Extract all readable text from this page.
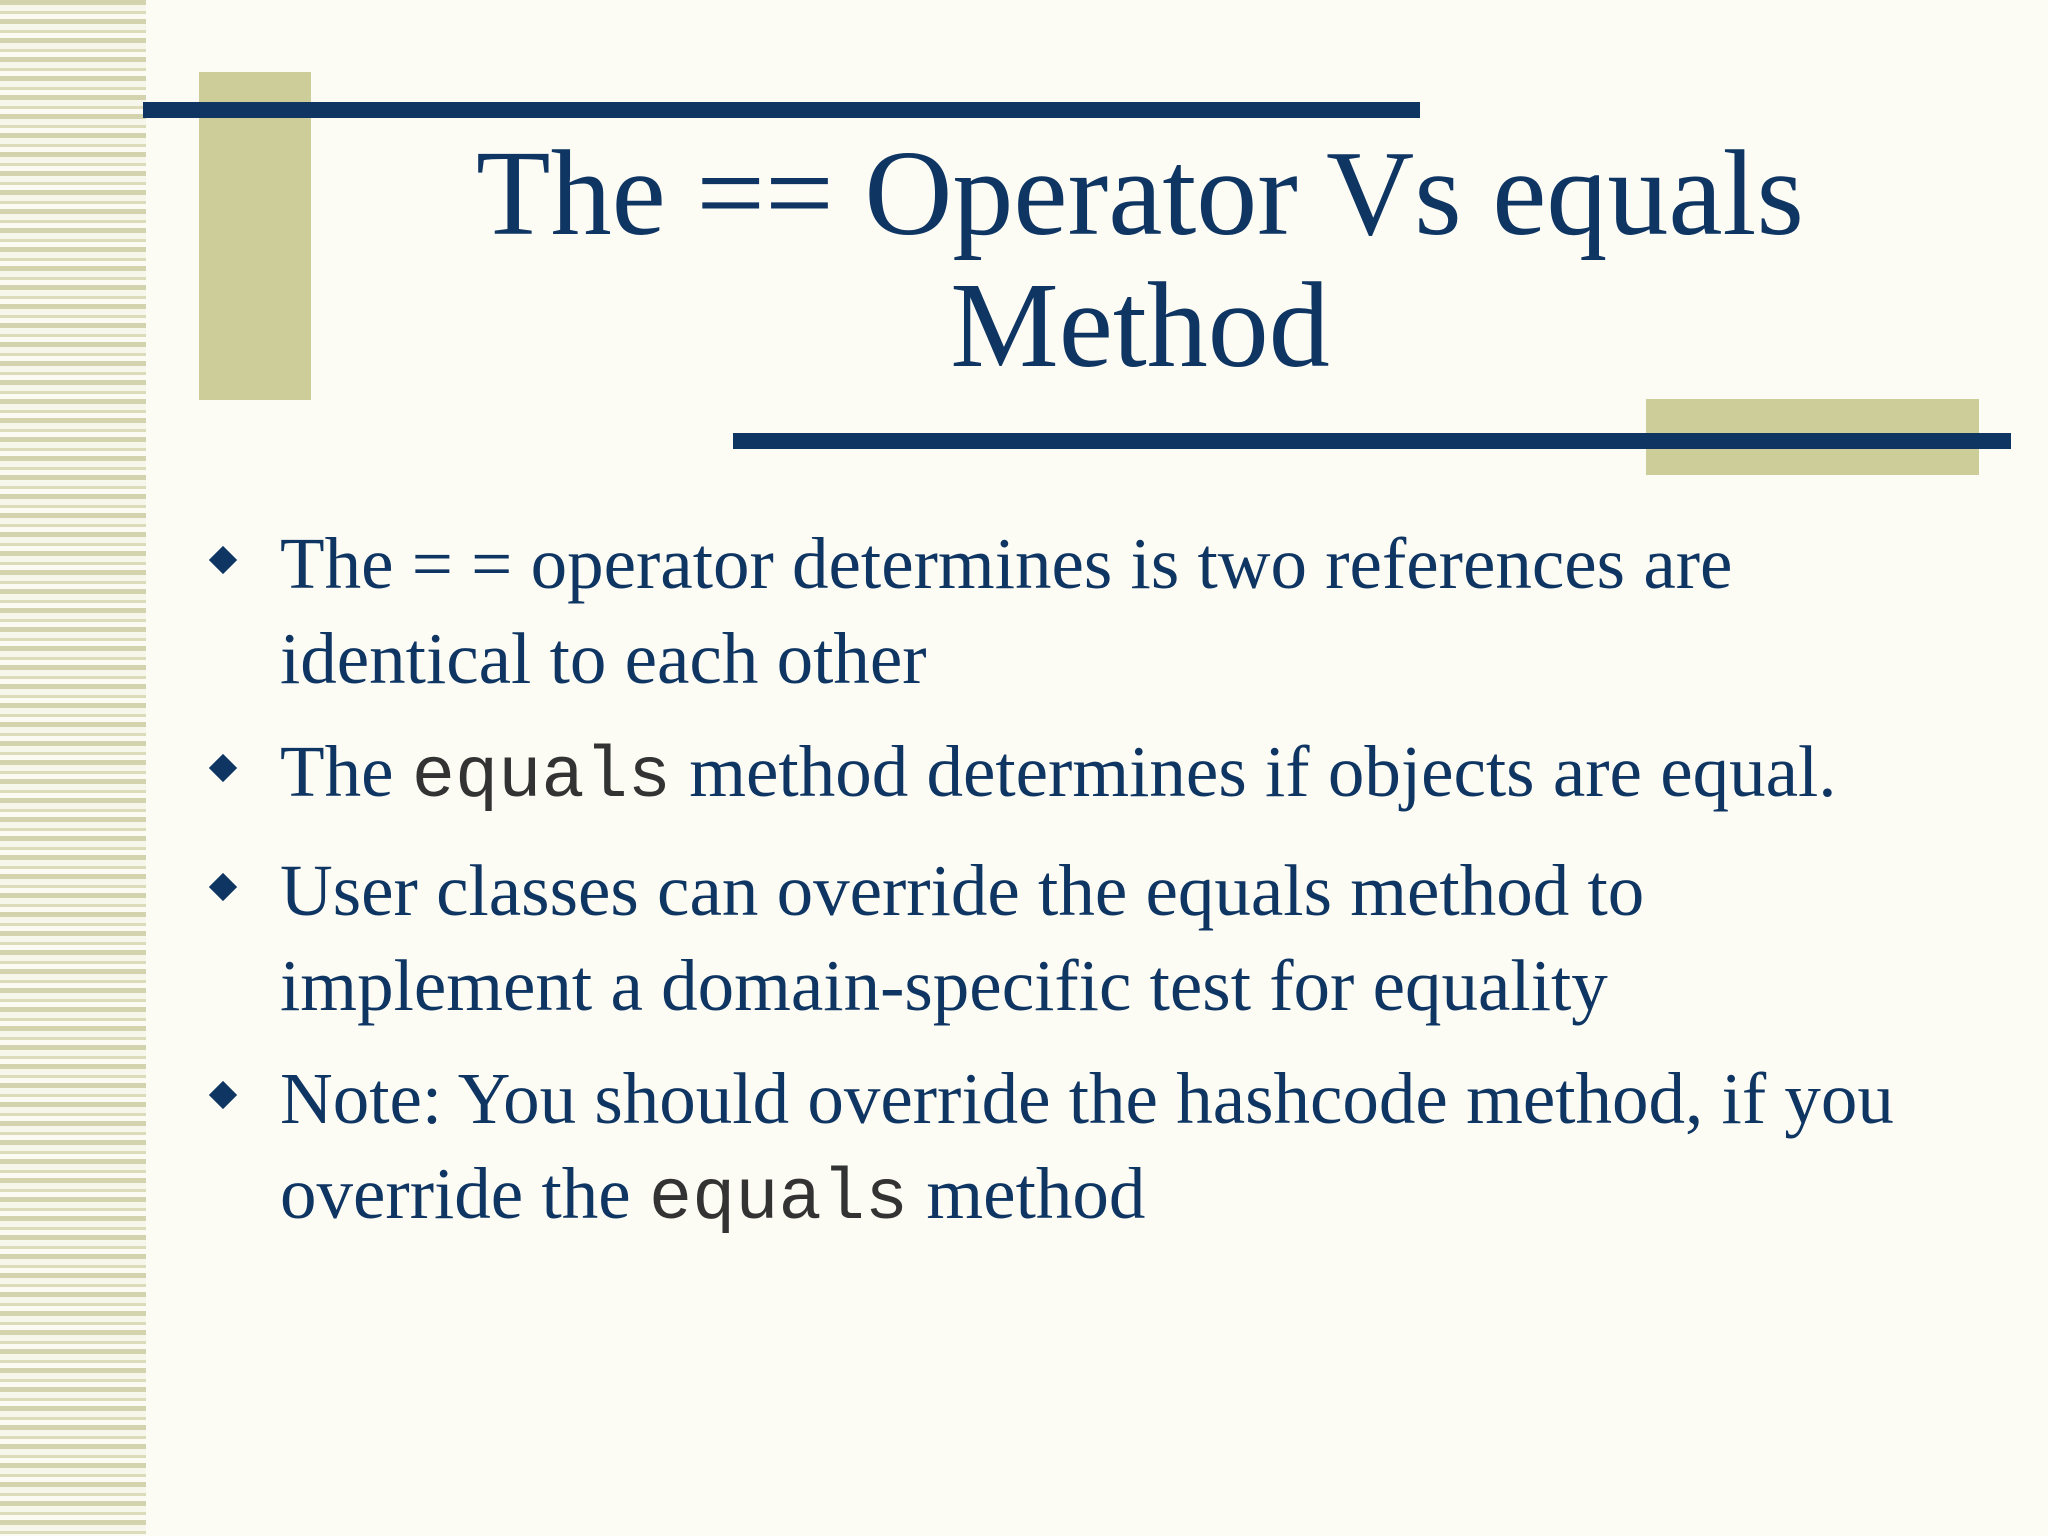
The == Operator Vs equals
Method
The = = operator determines is two references are identical to each other
The equals method determines if objects are equal.
User classes can override the equals method to implement a domain-specific test for equality
Note: You should override the hashcode method, if you override the equals method
